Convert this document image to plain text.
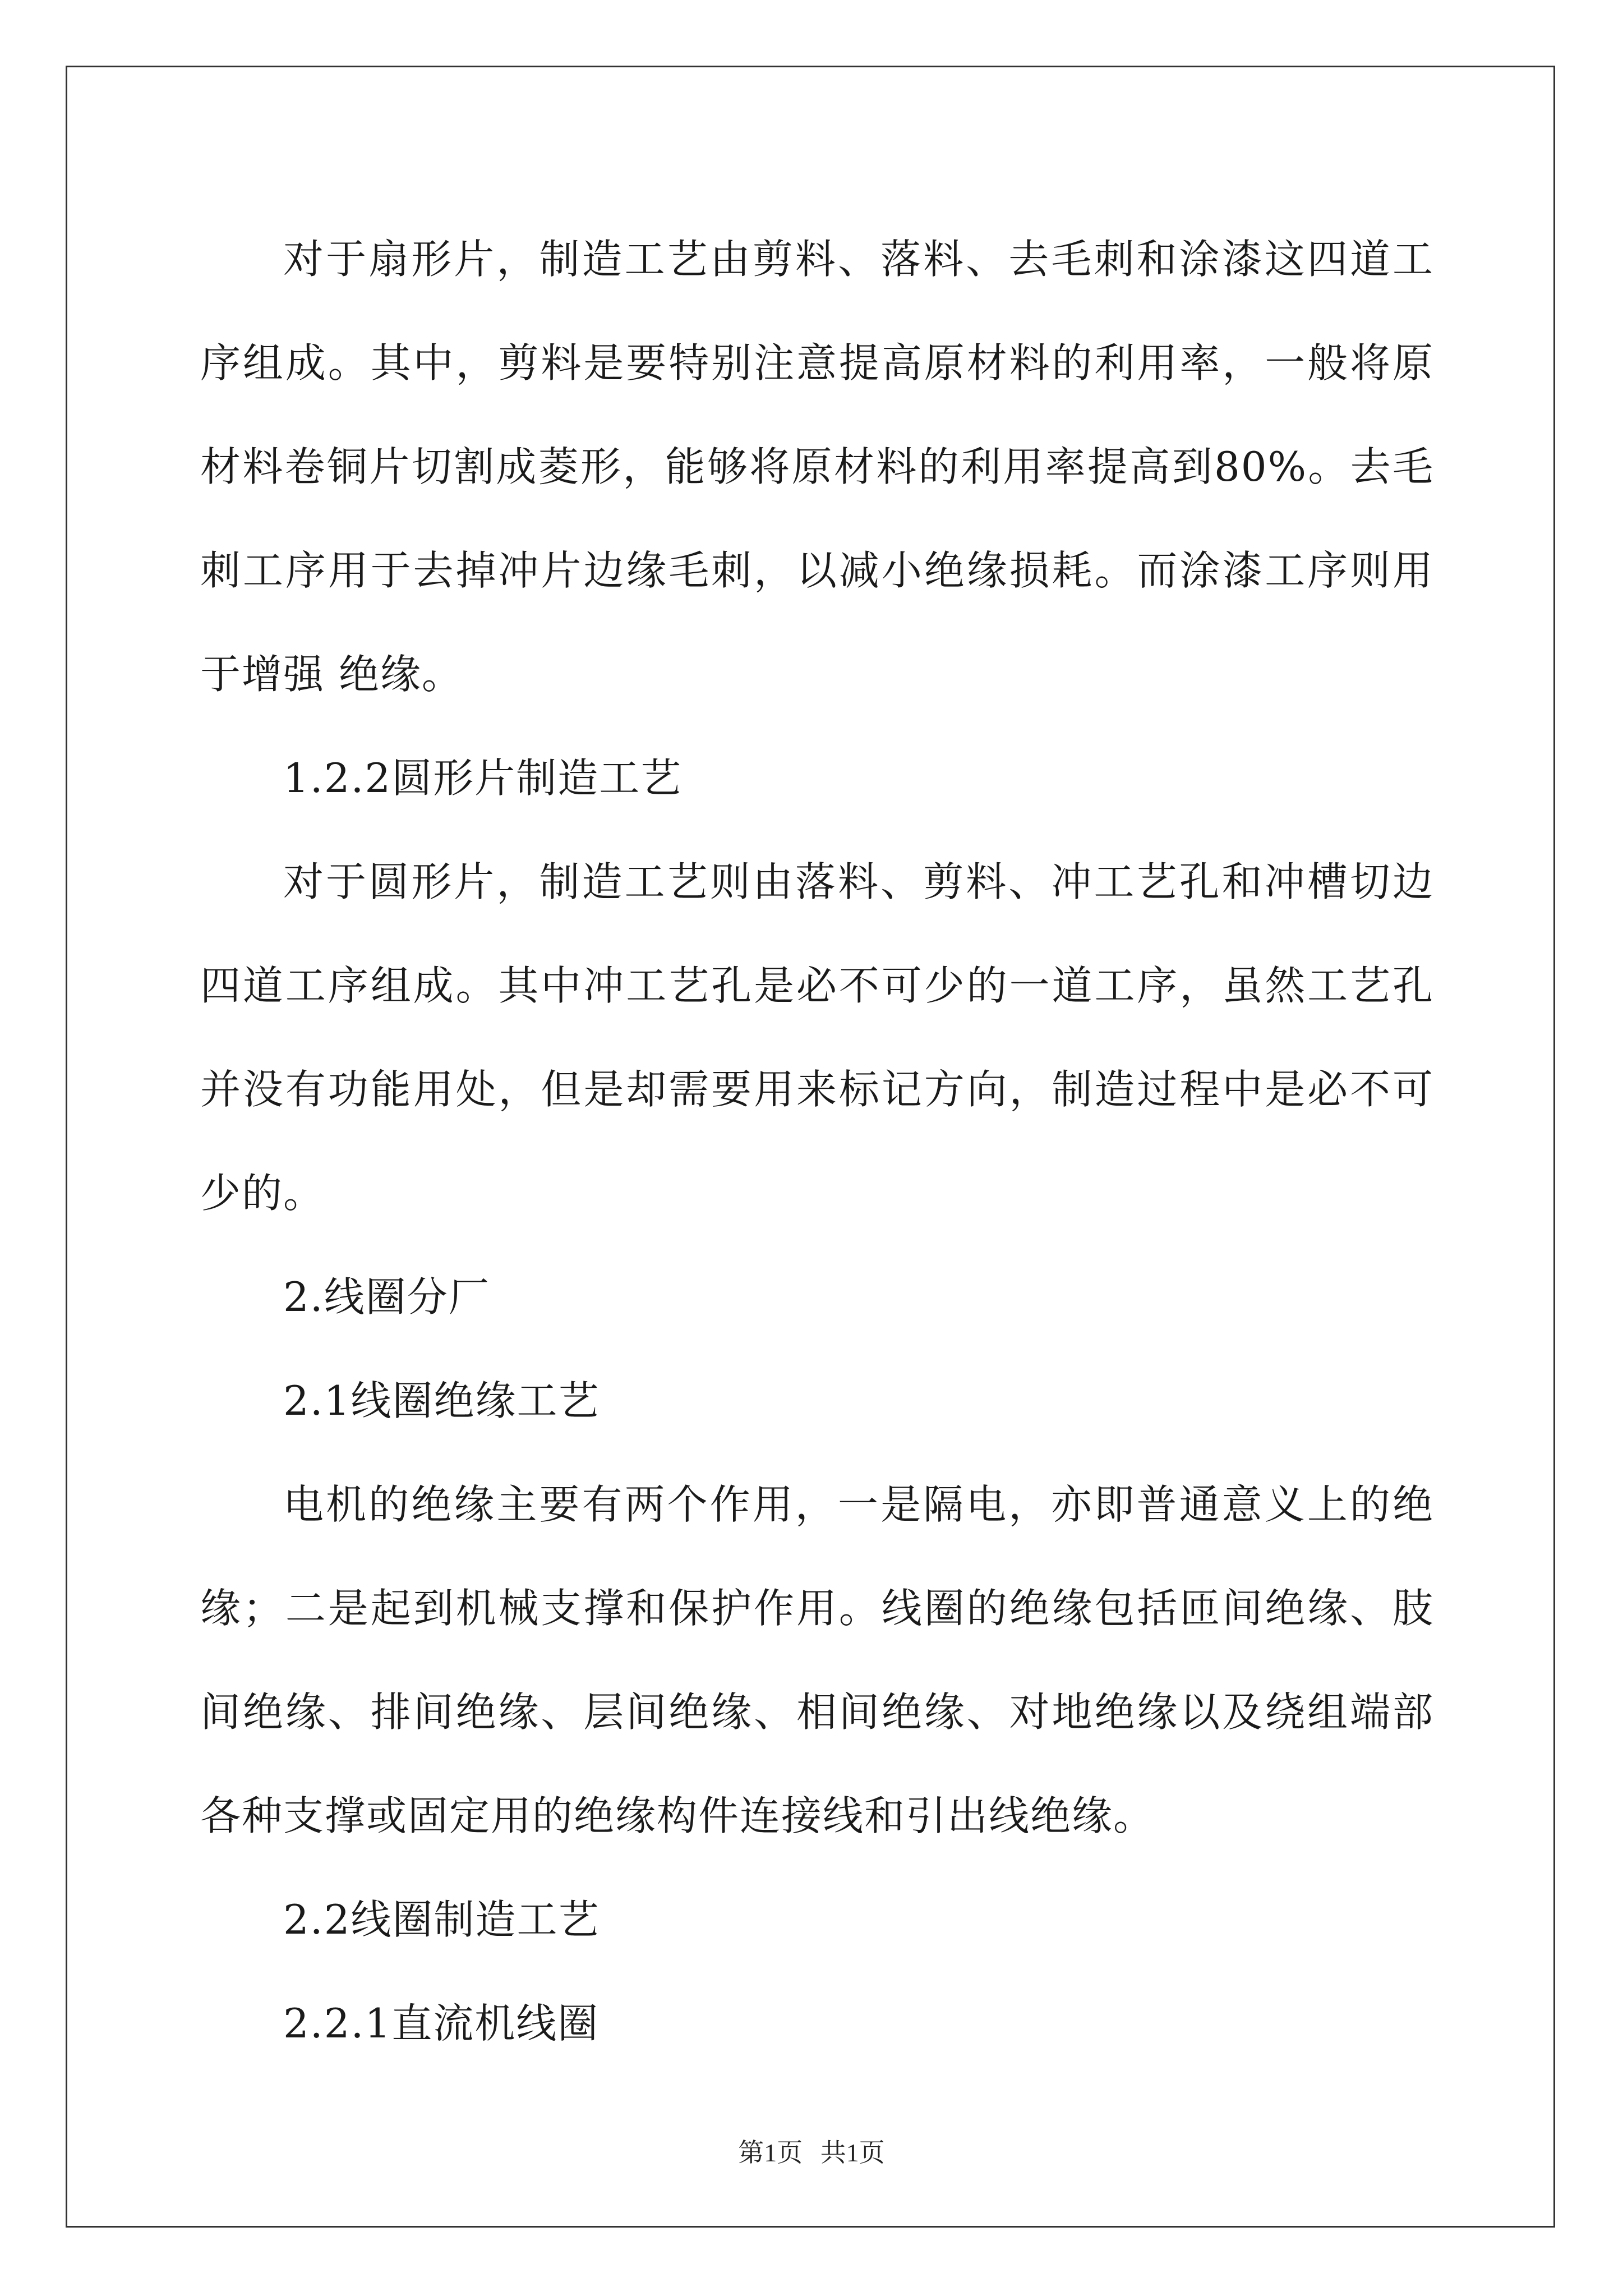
对于扇形片，制造工艺由剪料、落料、去毛刺和涂漆这四道工序组成。其中，剪料是要特别注意提高原材料的利用率，一般将原材料卷铜片切割成菱形，能够将原材料的利用率提高到80%。去毛刺工序用于去掉冲片边缘毛刺，以减小绝缘损耗。而涂漆工序则用于增强 绝缘。

1.2.2圆形片制造工艺

对于圆形片，制造工艺则由落料、剪料、冲工艺孔和冲槽切边四道工序组成。其中冲工艺孔是必不可少的一道工序，虽然工艺孔并没有功能用处，但是却需要用来标记方向，制造过程中是必不可少的。

2.线圈分厂

2.1线圈绝缘工艺

电机的绝缘主要有两个作用，一是隔电，亦即普通意义上的绝缘；二是起到机械支撑和保护作用。线圈的绝缘包括匝间绝缘、肢间绝缘、排间绝缘、层间绝缘、相间绝缘、对地绝缘以及绕组端部各种支撑或固定用的绝缘构件连接线和引出线绝缘。

2.2线圈制造工艺

2.2.1直流机线圈

第1页 共1页
